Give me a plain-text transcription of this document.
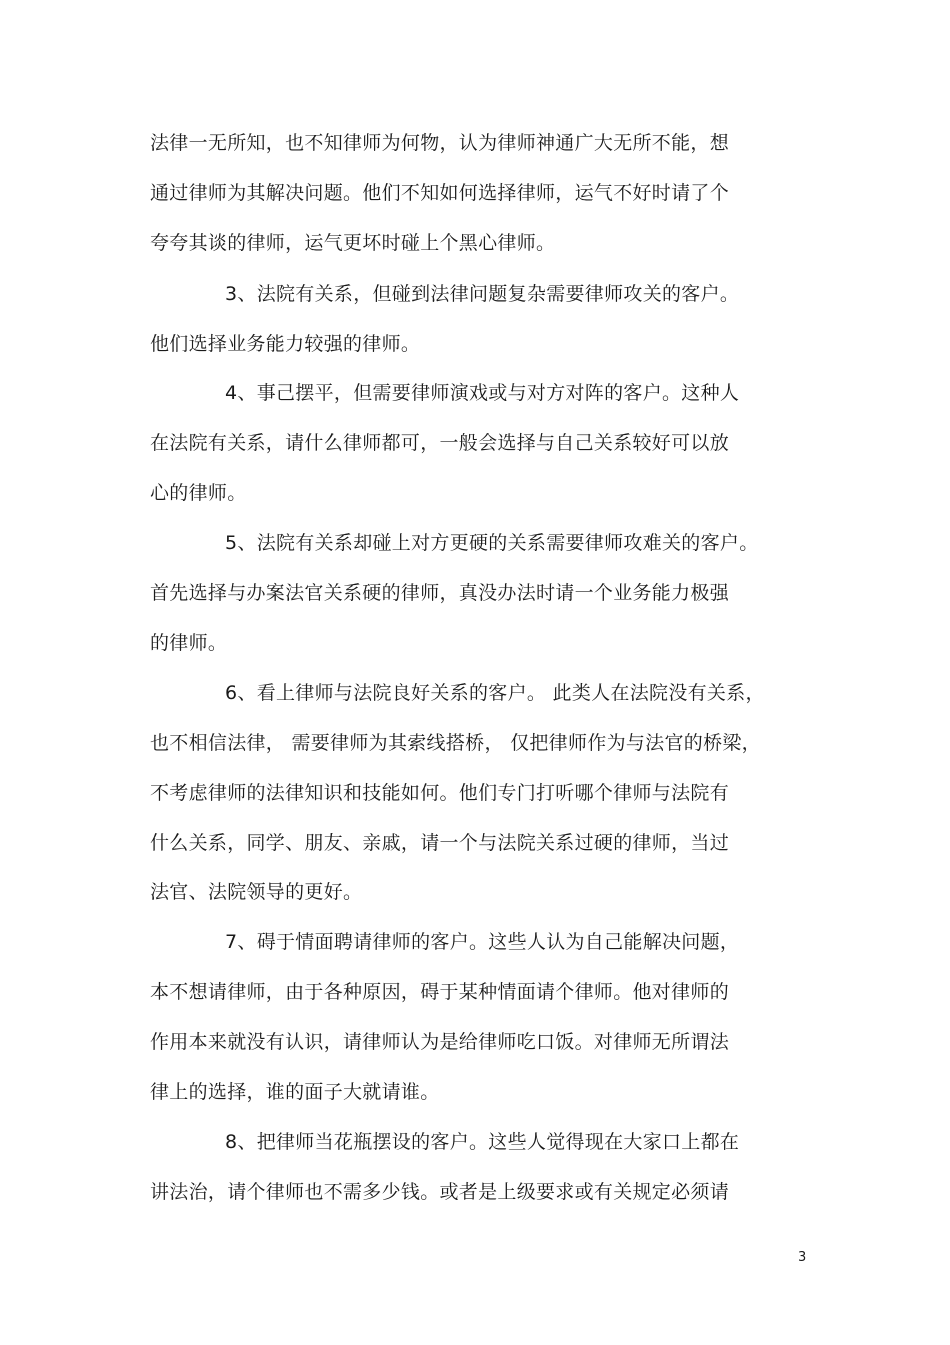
法律一无所知，也不知律师为何物，认为律师神通广大无所不能，想
通过律师为其解决问题。他们不知如何选择律师，运气不好时请了个
夸夸其谈的律师，运气更坏时碰上个黑心律师。
3、法院有关系，但碰到法律问题复杂需要律师攻关的客户。
他们选择业务能力较强的律师。
4、事己摆平，但需要律师演戏或与对方对阵的客户。这种人
在法院有关系，请什么律师都可，一般会选择与自己关系较好可以放
心的律师。
5、法院有关系却碰上对方更硬的关系需要律师攻难关的客户。
首先选择与办案法官关系硬的律师，真没办法时请一个业务能力极强
的律师。
6、看上律师与法院良好关系的客户。 此类人在法院没有关系，
也不相信法律， 需要律师为其索线搭桥， 仅把律师作为与法官的桥梁，
不考虑律师的法律知识和技能如何。他们专门打听哪个律师与法院有
什么关系，同学、朋友、亲戚，请一个与法院关系过硬的律师，当过
法官、法院领导的更好。
7、碍于情面聘请律师的客户。这些人认为自己能解决问题，
本不想请律师，由于各种原因，碍于某种情面请个律师。他对律师的
作用本来就没有认识，请律师认为是给律师吃口饭。对律师无所谓法
律上的选择，谁的面子大就请谁。
8、把律师当花瓶摆设的客户。这些人觉得现在大家口上都在
讲法治，请个律师也不需多少钱。或者是上级要求或有关规定必须请
3
